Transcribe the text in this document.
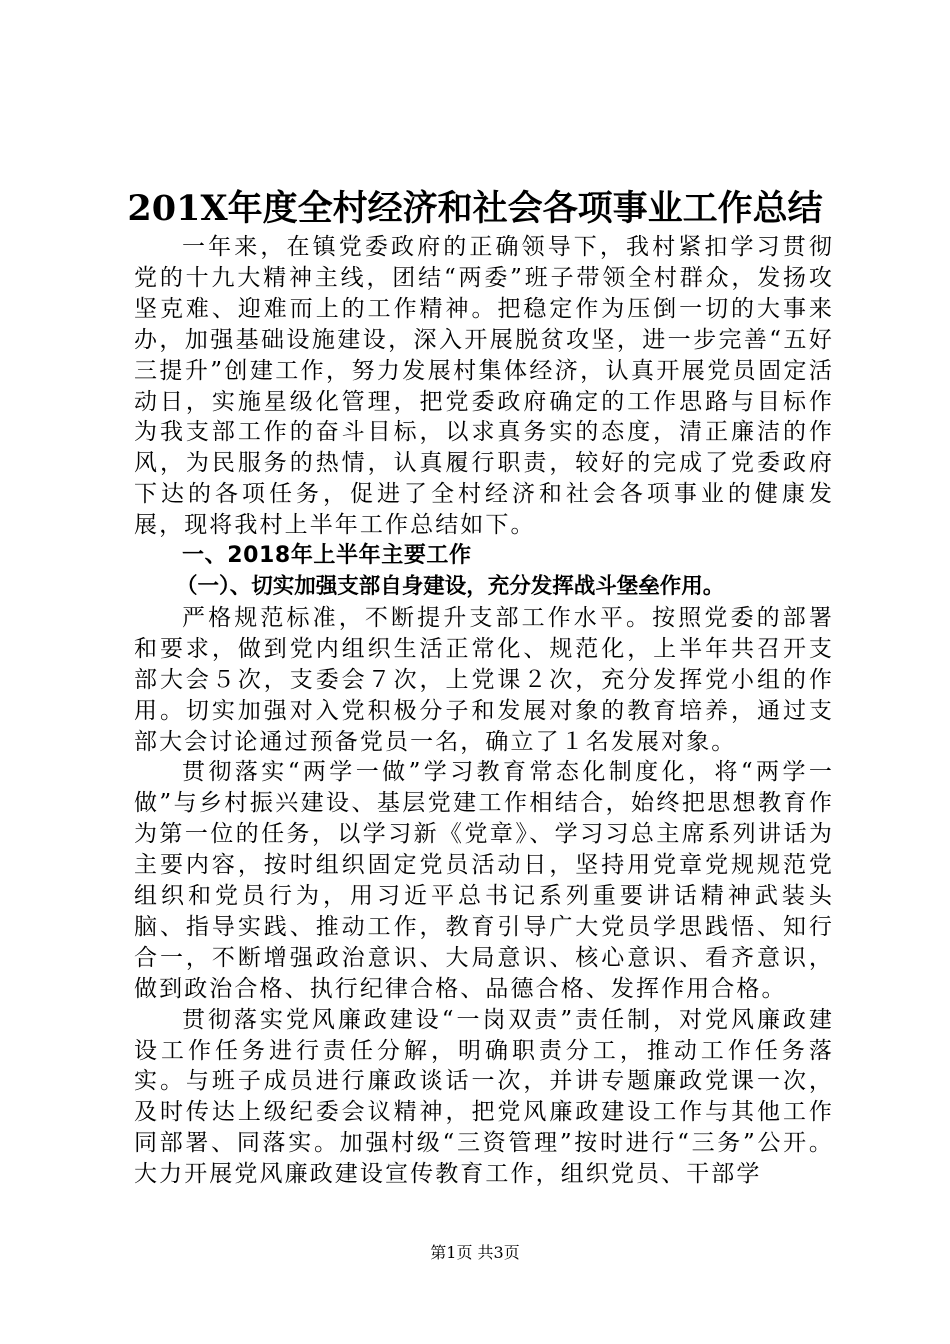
201X年度全村经济和社会各项事业工作总结

一年来，在镇党委政府的正确领导下，我村紧扣学习贯彻党的十九大精神主线，团结“两委”班子带领全村群众，发扬攻坚克难、迎难而上的工作精神。把稳定作为压倒一切的大事来办，加强基础设施建设，深入开展脱贫攻坚，进一步完善“五好三提升”创建工作，努力发展村集体经济，认真开展党员固定活动日，实施星级化管理，把党委政府确定的工作思路与目标作为我支部工作的奋斗目标，以求真务实的态度，清正廉洁的作风，为民服务的热情，认真履行职责，较好的完成了党委政府下达的各项任务，促进了全村经济和社会各项事业的健康发展，现将我村上半年工作总结如下。

一、2018年上半年主要工作

（一）、切实加强支部自身建设，充分发挥战斗堡垒作用。

严格规范标准，不断提升支部工作水平。按照党委的部署和要求，做到党内组织生活正常化、规范化，上半年共召开支部大会５次，支委会７次，上党课２次，充分发挥党小组的作用。切实加强对入党积极分子和发展对象的教育培养，通过支部大会讨论通过预备党员一名，确立了１名发展对象。

贯彻落实“两学一做”学习教育常态化制度化，将“两学一做”与乡村振兴建设、基层党建工作相结合，始终把思想教育作为第一位的任务，以学习新《党章》、学习习总主席系列讲话为主要内容，按时组织固定党员活动日，坚持用党章党规规范党组织和党员行为，用习近平总书记系列重要讲话精神武装头脑、指导实践、推动工作，教育引导广大党员学思践悟、知行合一，不断增强政治意识、大局意识、核心意识、看齐意识，做到政治合格、执行纪律合格、品德合格、发挥作用合格。

贯彻落实党风廉政建设“一岗双责”责任制，对党风廉政建设工作任务进行责任分解，明确职责分工，推动工作任务落实。与班子成员进行廉政谈话一次，并讲专题廉政党课一次，及时传达上级纪委会议精神，把党风廉政建设工作与其他工作同部署、同落实。加强村级“三资管理”按时进行“三务”公开。大力开展党风廉政建设宣传教育工作，组织党员、干部学

第1页 共3页
